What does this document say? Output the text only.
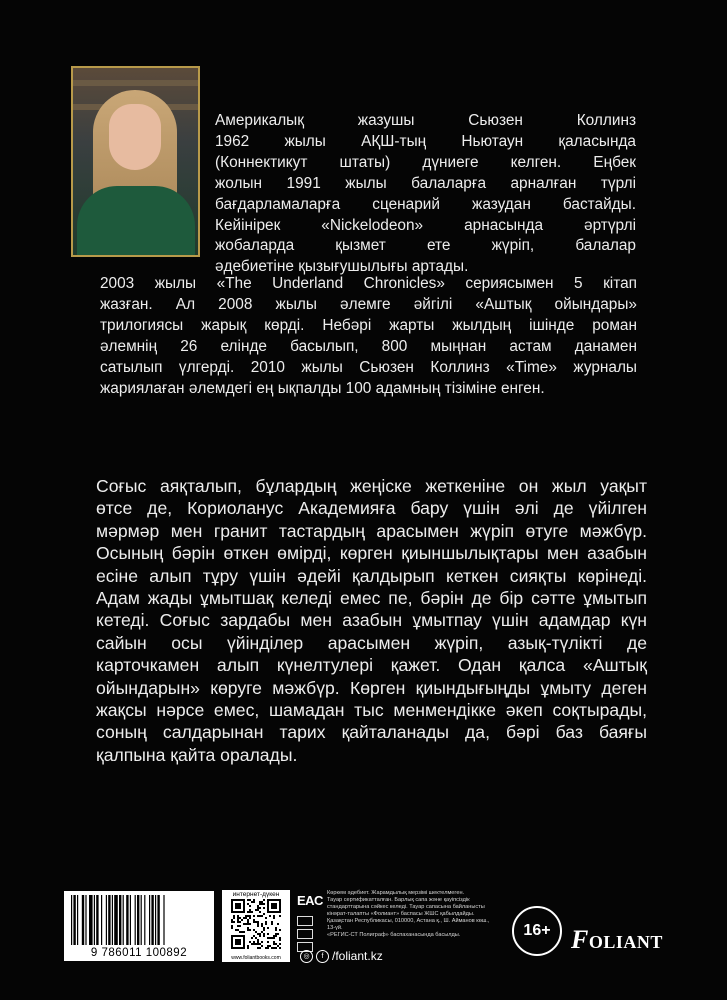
Америкалық жазушы Сьюзен Коллинз
1962 жылы АҚШ-тың Ньютаун қаласында
(Коннектикут штаты) дүниеге келген. Еңбек
жолын 1991 жылы балаларға арналған түрлі
бағдарламаларға сценарий жазудан бастайды.
Кейінірек «Nickelodeon» арнасында әртүрлі
жобаларда қызмет ете жүріп, балалар
әдебиетіне қызығушылығы артады.
2003 жылы «The Underland Chronicles» сериясымен 5 кітап
жазған. Ал 2008 жылы әлемге әйгілі «Аштық ойындары»
трилогиясы жарық көрді. Небәрі жарты жылдың ішінде роман
әлемнің 26 елінде басылып, 800 мыңнан астам данамен
сатылып үлгерді. 2010 жылы Сьюзен Коллинз «Time» журналы
жариялаған әлемдегі ең ықпалды 100 адамның тізіміне енген.
Соғыс аяқталып, бұлардың жеңіске жеткеніне он жыл уақыт
өтсе де, Кориоланус Академияға бару үшін әлі де үйілген
мәрмәр мен гранит тастардың арасымен жүріп өтуге мәжбүр.
Осының бәрін өткен өмірді, көрген қиыншылықтары мен азабын
есіне алып тұру үшін әдейі қалдырып кеткен сияқты көрінеді.
Адам жады ұмытшақ келеді емес пе, бәрін де бір сәтте ұмытып
кетеді. Соғыс зардабы мен азабын ұмытпау үшін адамдар күн
сайын осы үйінділер арасымен жүріп, азық-түлікті де
карточкамен алып күнелтулері қажет. Одан қалса «Аштық
ойындарын» көруге мәжбүр. Көрген қиындығыңды ұмыту деген
жақсы нәрсе емес, шамадан тыс менмендікке әкеп соқтырады,
соның салдарынан тарих қайталанады да, бәрі баз баяғы
қалпына қайта оралады.
9 786011 100892
интернет-дүкен
www.foliantbooks.com
EAC Көркем әдебиет. Жарамдылық мерзімі шектелмеген.
Тауар сертификатталған. Барлық сапа және қауіпсіздік
стандарттарына сәйкес келеді. Тауар сапасына байланысты
кінәрат-талапты «Фолиант» баспасы ЖШС қабылдайды.
Қазақстан Республикасы, 010000, Астана қ., Ш. Айманов көш., 13-үй.
«РЕГИС-СТ Полиграф» баспаханасында басылды.
◎	f /foliant.kz
16+ FOLIANT
